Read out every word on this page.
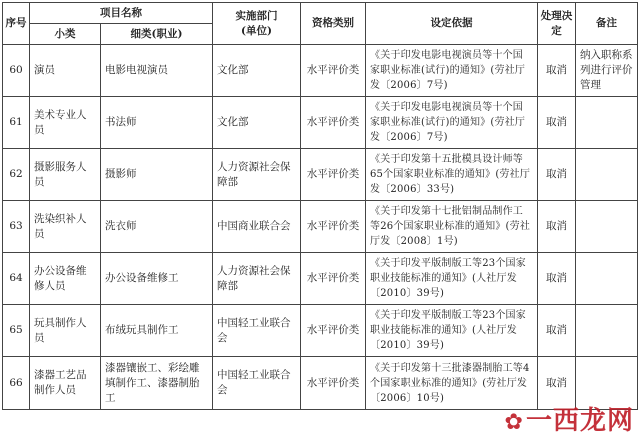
序号	项目名称		实施部门
(单位)	资格类别	设定依据	处理决定	备注
	小类	细类(职业)					
60	演员	电影电视演员	文化部	水平评价类	《关于印发电影电视演员等十个国家职业标准(试行)的通知》(劳社厅发〔2006〕7号)	取消	纳入职称系列进行评价管理
61	美术专业人员	书法师	文化部	水平评价类	《关于印发电影电视演员等十个国家职业标准(试行)的通知》(劳社厅发〔2006〕7号)	取消	
62	摄影服务人员	摄影师	人力资源社会保障部	水平评价类	《关于印发第十五批模具设计师等65个国家职业标准的通知》(劳社厅发〔2006〕33号)	取消	
63	洗染织补人员	洗衣师	中国商业联合会	水平评价类	《关于印发第十七批铝制品制作工等26个国家职业标准的通知》(劳社厅发〔2008〕1号)	取消	
64	办公设备维修人员	办公设备维修工	人力资源社会保障部	水平评价类	《关于印发平版制版工等23个国家职业技能标准的通知》(人社厅发〔2010〕39号)	取消	
65	玩具制作人员	布绒玩具制作工	中国轻工业联合会	水平评价类	《关于印发平版制版工等23个国家职业技能标准的通知》(人社厅发〔2010〕39号)	取消	
66	漆器工艺品制作人员	漆器镶嵌工、彩绘雕填制作工、漆器制胎工	中国轻工业联合会	水平评价类	《关于印发第十三批漆器制胎工等4个国家职业标准的通知》(劳社厅发〔2006〕10号)	取消	
✿一西龙网
